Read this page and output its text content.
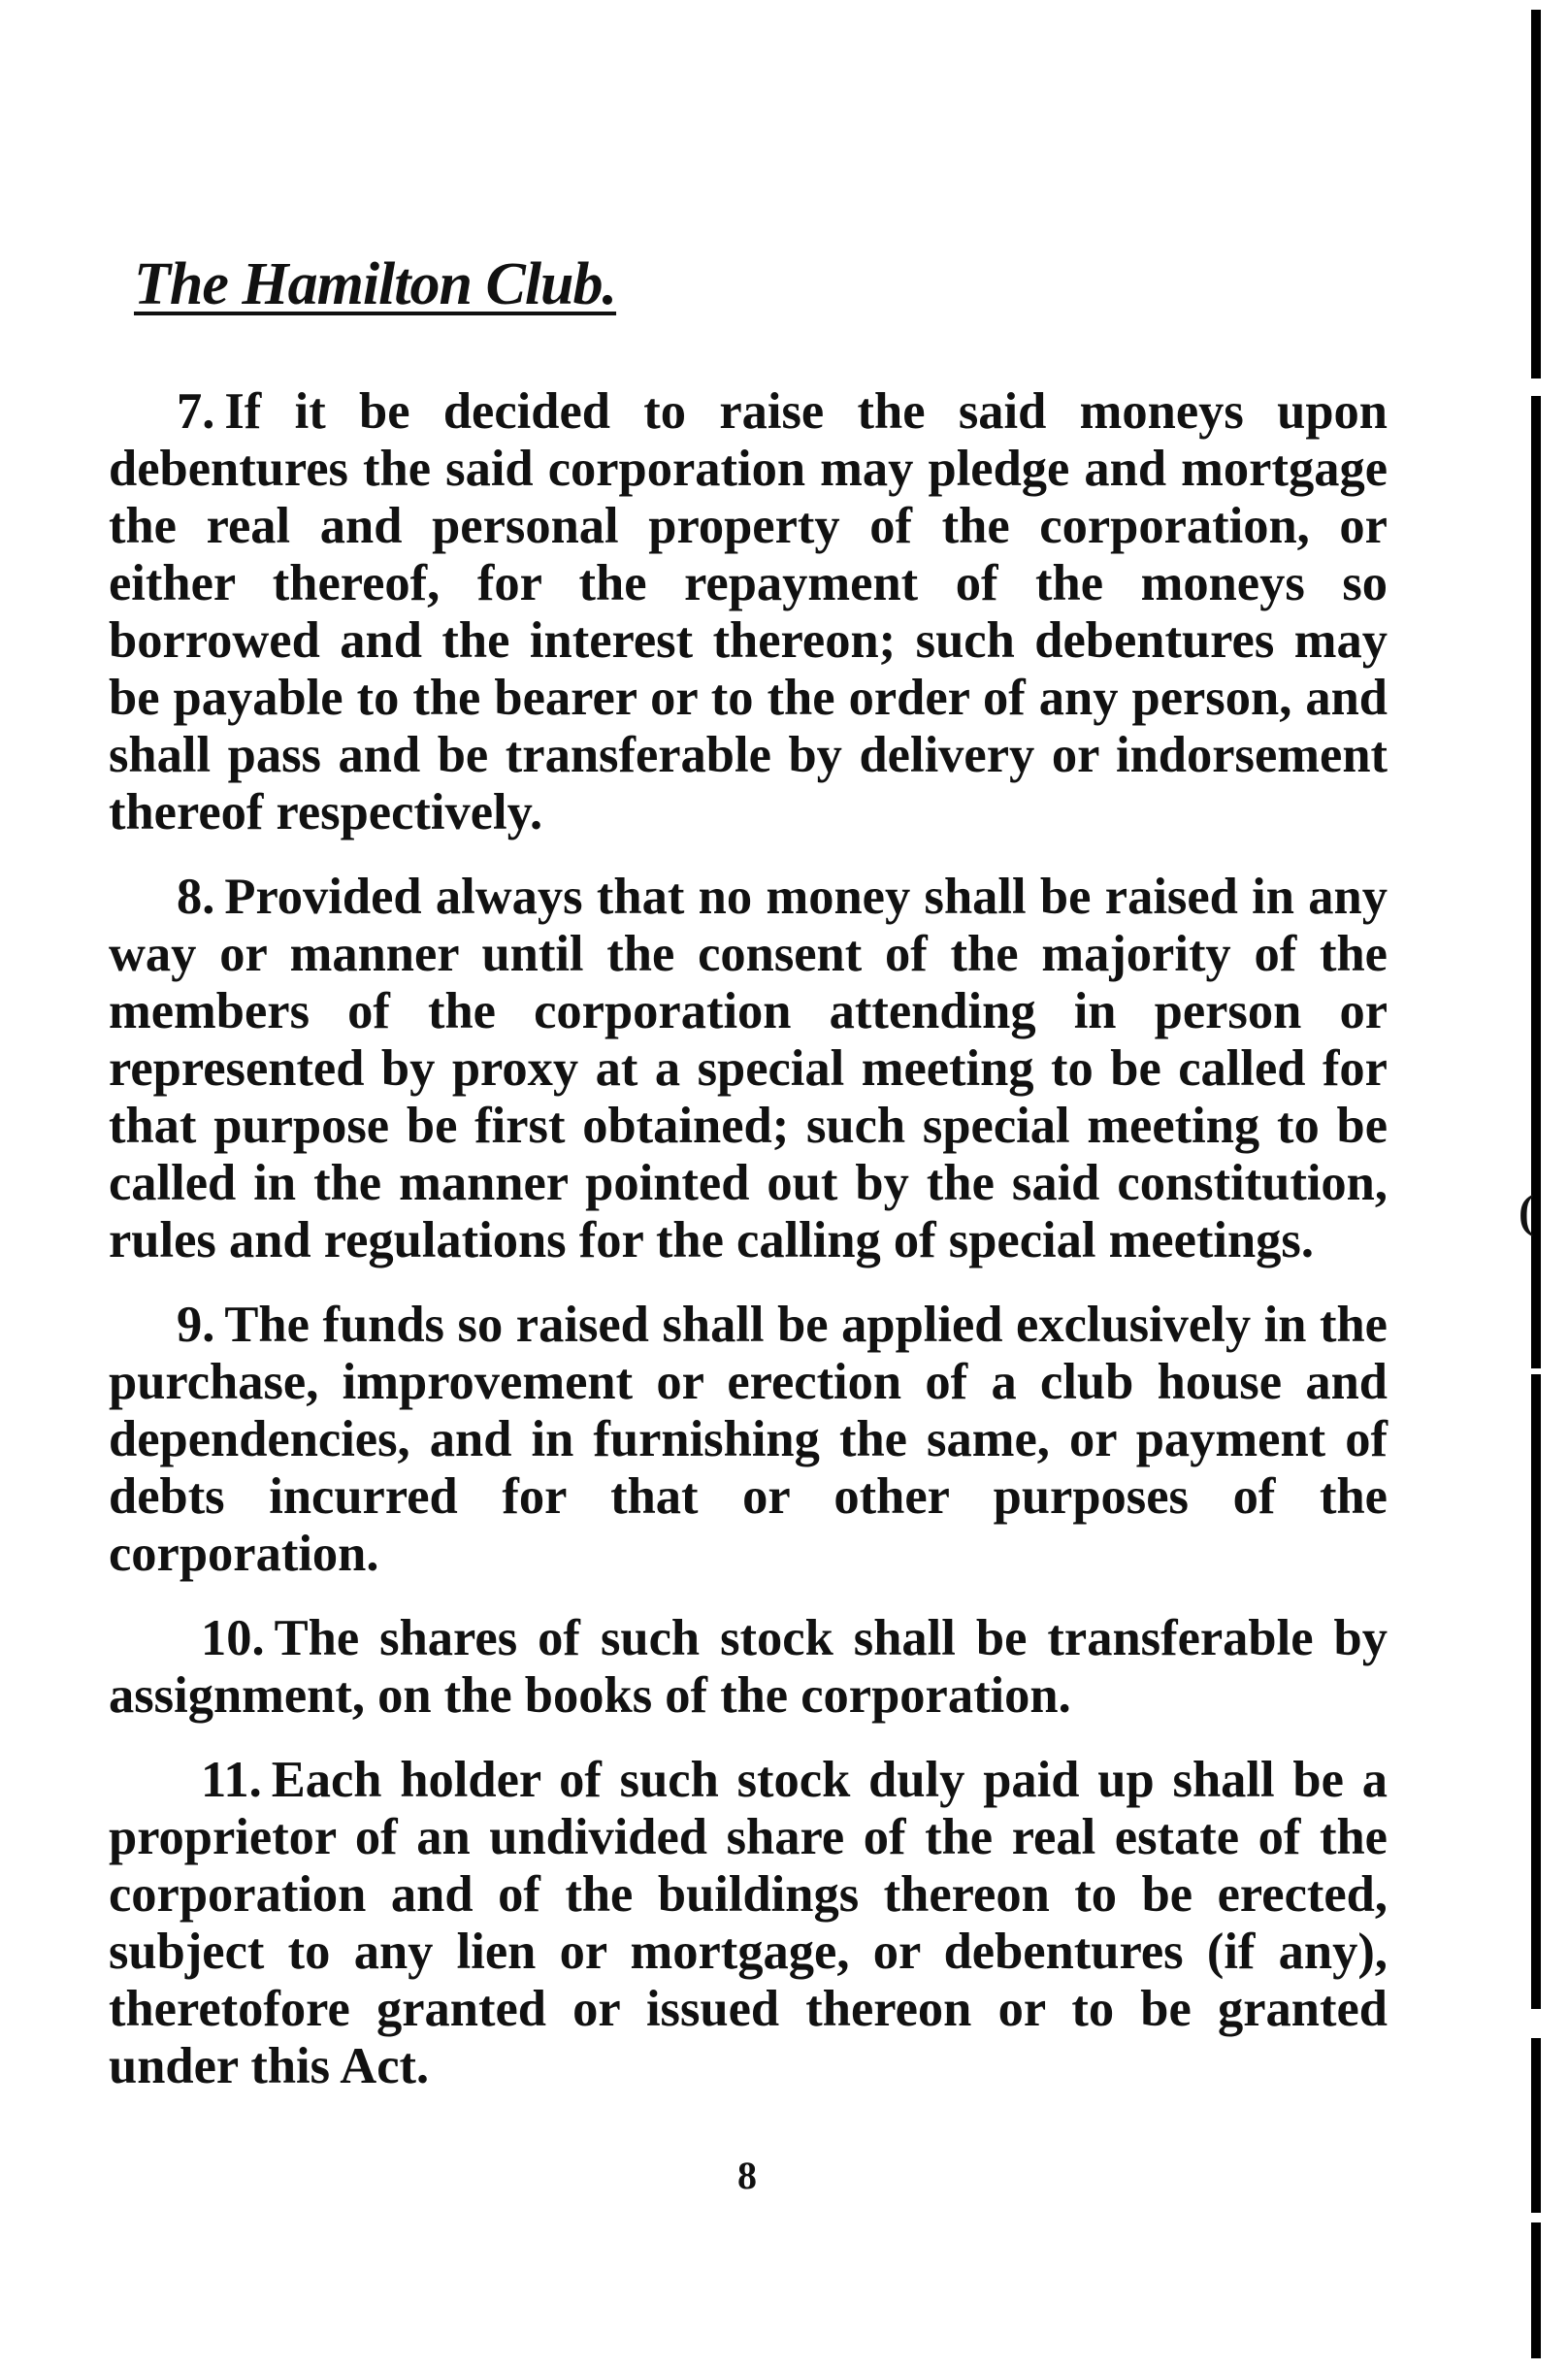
The Hamilton Club.

7. If it be decided to raise the said moneys upon debentures the said corporation may pledge and mortgage the real and personal property of the corporation, or either thereof, for the repayment of the moneys so borrowed and the interest thereon; such debentures may be payable to the bearer or to the order of any person, and shall pass and be transferable by delivery or indorsement thereof respectively.

8. Provided always that no money shall be raised in any way or manner until the consent of the majority of the members of the corporation attending in person or represented by proxy at a special meeting to be called for that purpose be first obtained; such special meeting to be called in the manner pointed out by the said constitution, rules and regulations for the calling of special meetings.

9. The funds so raised shall be applied exclusively in the purchase, improvement or erection of a club house and dependencies, and in furnishing the same, or payment of debts incurred for that or other purposes of the corporation.

10. The shares of such stock shall be transferable by assignment, on the books of the corporation.

11. Each holder of such stock duly paid up shall be a proprietor of an undivided share of the real estate of the corporation and of the buildings thereon to be erected, subject to any lien or mortgage, or debentures (if any), theretofore granted or issued thereon or to be granted under this Act.

(

8
